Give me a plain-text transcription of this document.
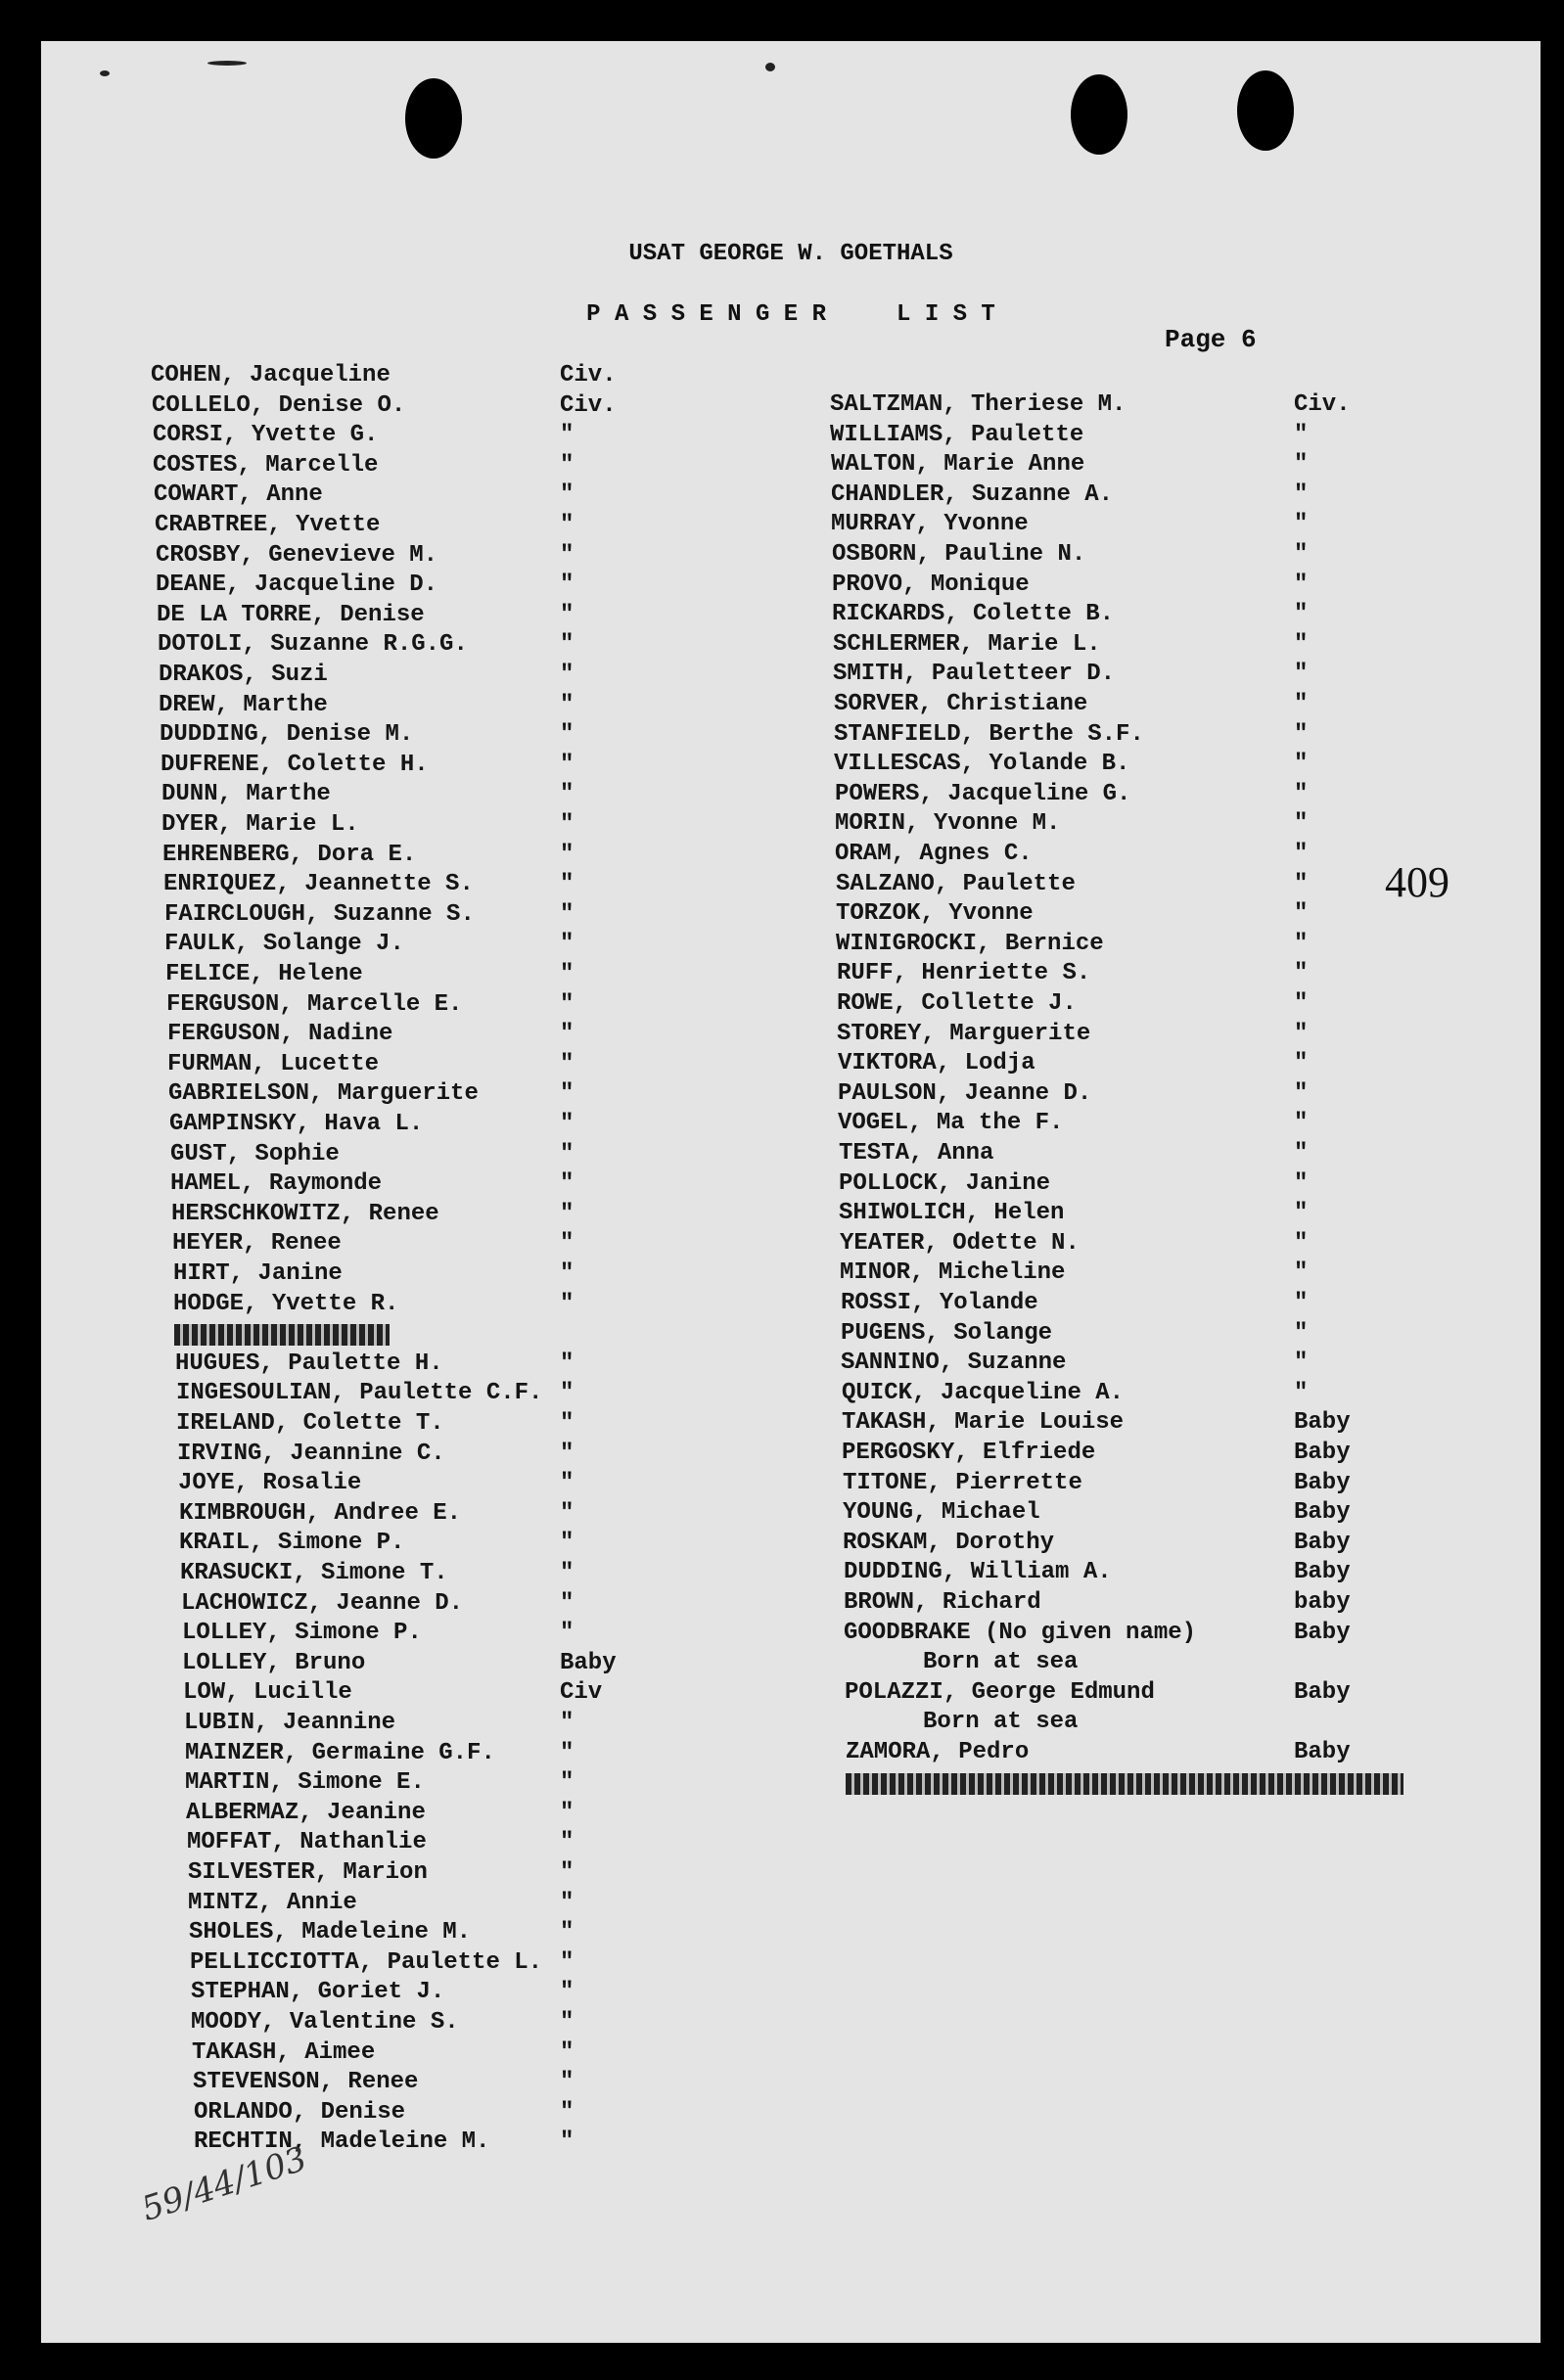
USAT GEORGE W. GOETHALS
P A S S E N G E R     L I S T
Page 6
409
COHEN, Jacqueline	Civ.
COLLELO, Denise O.	Civ.
CORSI, Yvette G.	"
COSTES, Marcelle	"
COWART, Anne	"
CRABTREE, Yvette	"
CROSBY, Genevieve M.	"
DEANE, Jacqueline D.	"
DE LA TORRE, Denise	"
DOTOLI, Suzanne R.G.G.	"
DRAKOS, Suzi	"
DREW, Marthe	"
DUDDING, Denise M.	"
DUFRENE, Colette H.	"
DUNN, Marthe	"
DYER, Marie L.	"
EHRENBERG, Dora E.	"
ENRIQUEZ, Jeannette S.	"
FAIRCLOUGH, Suzanne S.	"
FAULK, Solange J.	"
FELICE, Helene	"
FERGUSON, Marcelle E.	"
FERGUSON, Nadine	"
FURMAN, Lucette	"
GABRIELSON, Marguerite	"
GAMPINSKY, Hava L.	"
GUST, Sophie	"
HAMEL, Raymonde	"
HERSCHKOWITZ, Renee	"
HEYER, Renee	"
HIRT, Janine	"
HODGE, Yvette R.	"
HUGUES, Paulette H.	"
INGESOULIAN, Paulette C.F. "
IRELAND, Colette T.	"
IRVING, Jeannine C.	"
JOYE, Rosalie	"
KIMBROUGH, Andree E.	"
KRAIL, Simone P.	"
KRASUCKI, Simone T.	"
LACHOWICZ, Jeanne D.	"
LOLLEY, Simone P.	"
LOLLEY, Bruno	Baby
LOW, Lucille	Civ
LUBIN, Jeannine	"
MAINZER, Germaine G.F.	"
MARTIN, Simone E.	"
ALBERMAZ, Jeanine	"
MOFFAT, Nathanlie	"
SILVESTER, Marion	"
MINTZ, Annie	"
SHOLES, Madeleine M.	"
PELLICCIOTTA, Paulette L. "
STEPHAN, Goriet J.	"
MOODY, Valentine S.	"
TAKASH, Aimee	"
STEVENSON, Renee	"
ORLANDO, Denise	"
RECHTIN, Madeleine M.	"
SALTZMAN, Theriese M.	Civ.
WILLIAMS, Paulette	"
WALTON, Marie Anne	"
CHANDLER, Suzanne A.	"
MURRAY, Yvonne	"
OSBORN, Pauline N.	"
PROVO, Monique	"
RICKARDS, Colette B.	"
SCHLERMER, Marie L.	"
SMITH, Pauletteer D.	"
SORVER, Christiane	"
STANFIELD, Berthe S.F.	"
VILLESCAS, Yolande B.	"
POWERS, Jacqueline G.	"
MORIN, Yvonne M.	"
ORAM, Agnes C.	"
SALZANO, Paulette	"
TORZOK, Yvonne	"
WINIGROCKI, Bernice	"
RUFF, Henriette S.	"
ROWE, Collette J.	"
STOREY, Marguerite	"
VIKTORA, Lodja	"
PAULSON, Jeanne D.	"
VOGEL, Ma the F.	"
TESTA, Anna	"
POLLOCK, Janine	"
SHIWOLICH, Helen	"
YEATER, Odette N.	"
MINOR, Micheline	"
ROSSI, Yolande	"
PUGENS, Solange	"
SANNINO, Suzanne	"
QUICK, Jacqueline A.	"
TAKASH, Marie Louise	Baby
PERGOSKY, Elfriede	Baby
TITONE, Pierrette	Baby
YOUNG, Michael	Baby
ROSKAM, Dorothy	Baby
DUDDING, William A.	Baby
BROWN, Richard	baby
GOODBRAKE (No given name)	Baby
Born at sea
POLAZZI, George Edmund	Baby
Born at sea
ZAMORA, Pedro	Baby
59/44/103
